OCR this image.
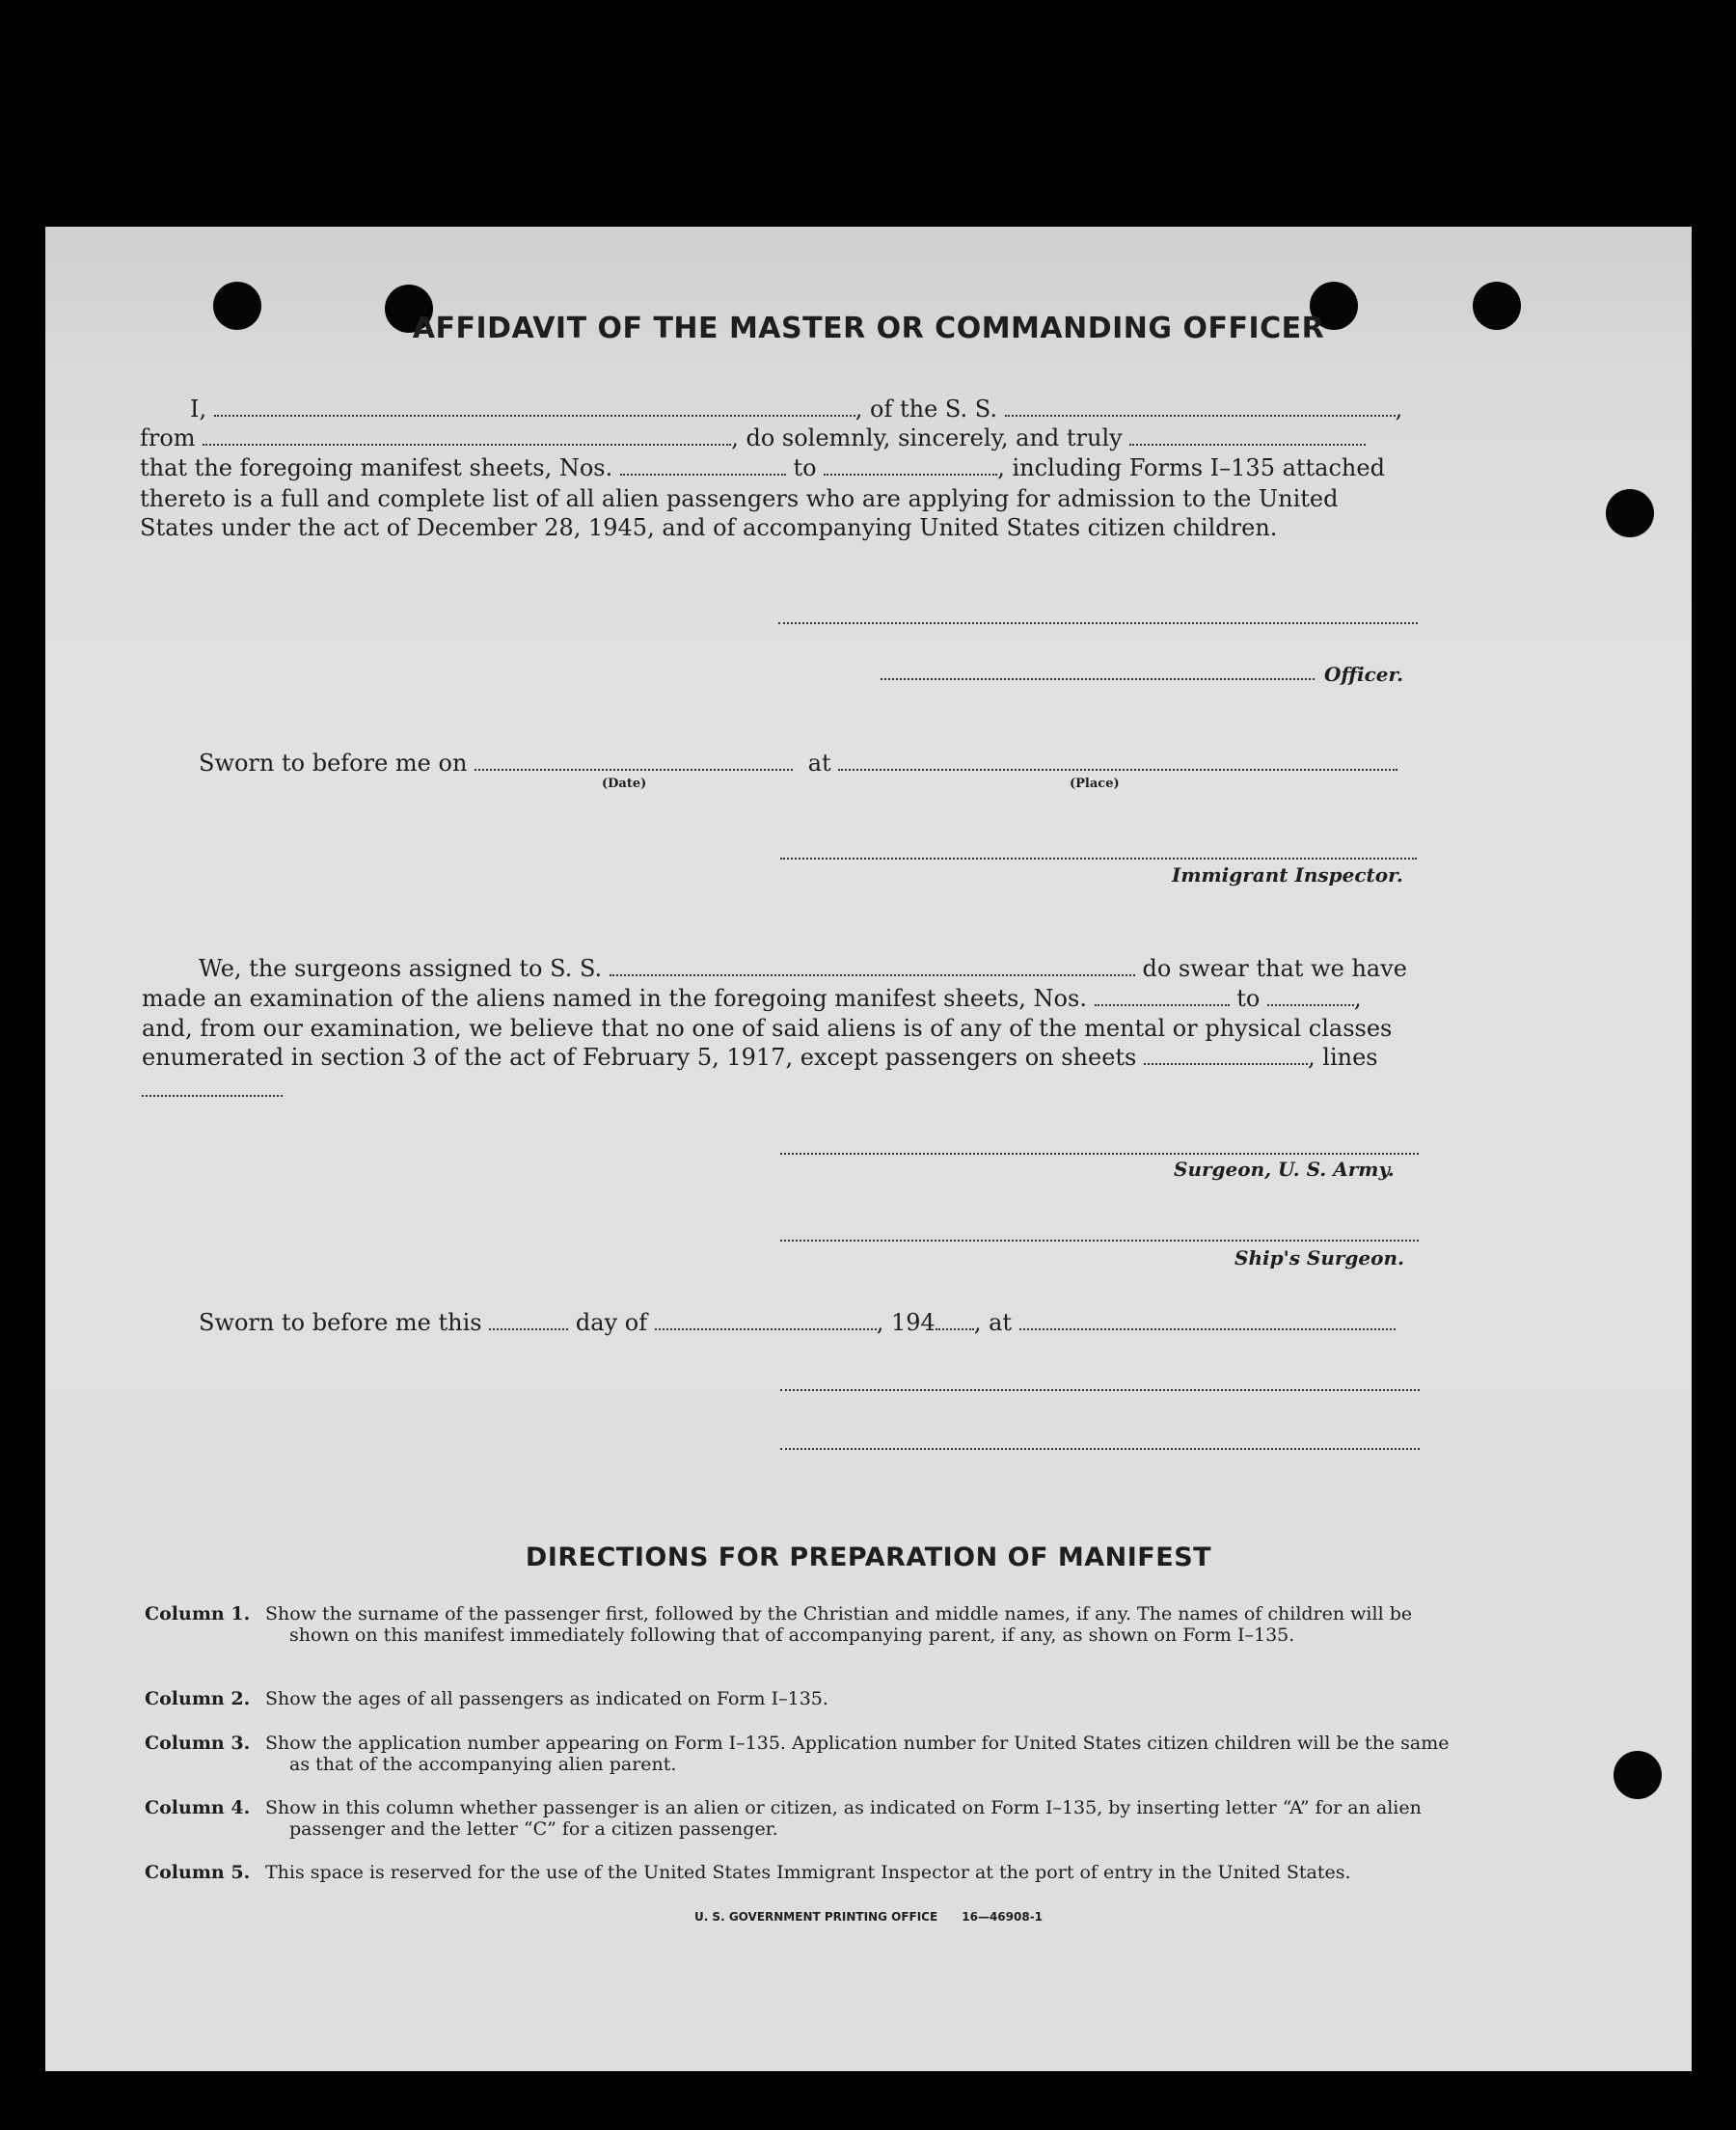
AFFIDAVIT OF THE MASTER OR COMMANDING OFFICER
I,	, of the S. S.	,
from	, do solemnly, sincerely, and truly
that the foregoing manifest sheets, Nos.	to	, including Forms I–135 attached
thereto is a full and complete list of all alien passengers who are applying for admission to the United
States under the act of December 28, 1945, and of accompanying United States citizen children.
Officer.
Sworn to before me on	at
(Date)	(Place)
Immigrant Inspector.
We, the surgeons assigned to S. S.	do swear that we have
made an examination of the aliens named in the foregoing manifest sheets, Nos.	to	,
and, from our examination, we believe that no one of said aliens is of any of the mental or physical classes
enumerated in section 3 of the act of February 5, 1917, except passengers on sheets	, lines
Surgeon, U. S. Army.
Ship's Surgeon.
Sworn to before me this	day of	, 194 , at
DIRECTIONS FOR PREPARATION OF MANIFEST
Column 1. Show the surname of the passenger first, followed by the Christian and middle names, if any. The names of children will be shown on this manifest immediately following that of accompanying parent, if any, as shown on Form I–135.
Column 2. Show the ages of all passengers as indicated on Form I–135.
Column 3. Show the application number appearing on Form I–135. Application number for United States citizen children will be the same as that of the accompanying alien parent.
Column 4. Show in this column whether passenger is an alien or citizen, as indicated on Form I–135, by inserting letter “A” for an alien passenger and the letter “C” for a citizen passenger.
Column 5. This space is reserved for the use of the United States Immigrant Inspector at the port of entry in the United States.
U. S. GOVERNMENT PRINTING OFFICE      16—46908-1
